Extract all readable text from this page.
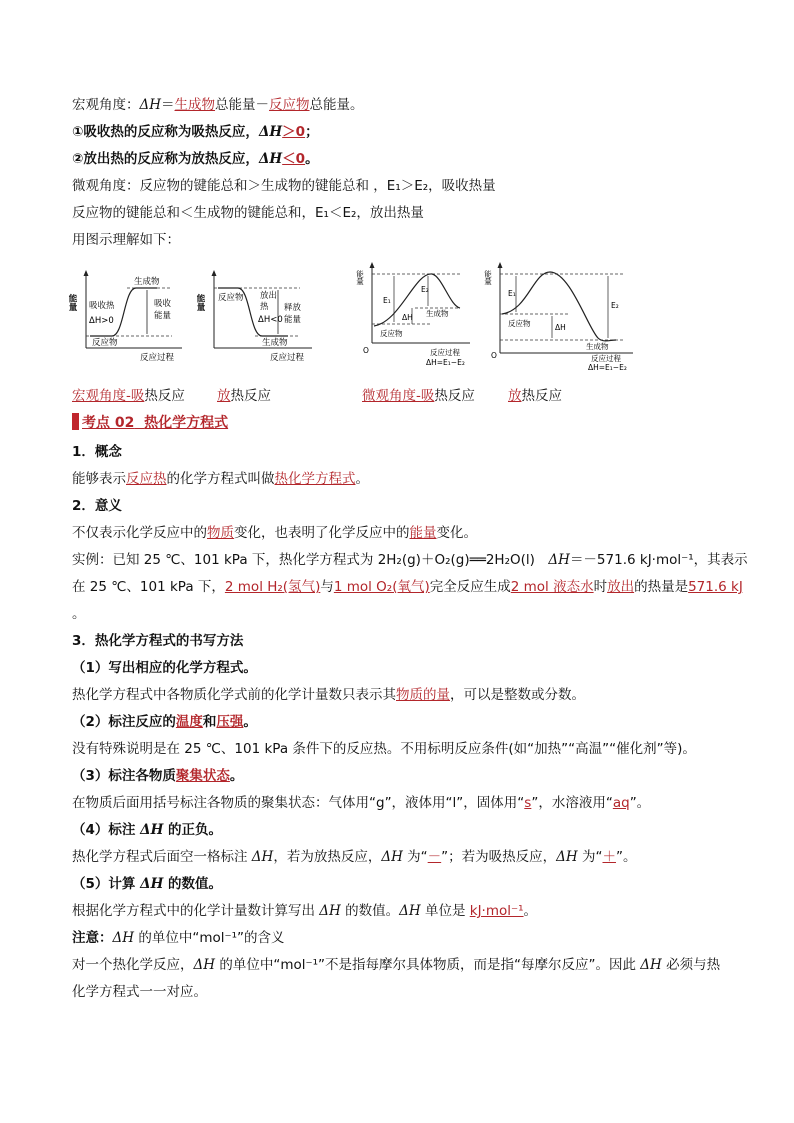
宏观角度：ΔH＝生成物总能量－反应物总能量。
①吸收热的反应称为吸热反应，ΔH＞0；
②放出热的反应称为放热反应，ΔH＜0。
微观角度：反应物的键能总和＞生成物的键能总和 ，E₁＞E₂，吸收热量
反应物的键能总和＜生成物的键能总和，E₁＜E₂，放出热量
用图示理解如下：
能量
生成物
吸收热
ΔH>0
反应物
吸收
能量
反应过程
能量 反应物 放出
热
ΔH<0
释放
能量
生成物
反应过程
能量
E₁
E₂
ΔH 生成物
反应物
O	反应过程
ΔH=E₁−E₂
能量
E₁
E₂
反应物	ΔH
生成物
O	反应过程
ΔH=E₁−E₂
宏观角度-吸热反应 放热反应	微观角度-吸热反应 放热反应
考点 02 热化学方程式
1．概念
能够表示反应热的化学方程式叫做热化学方程式。
2．意义
不仅表示化学反应中的物质变化，也表明了化学反应中的能量变化。
实例：已知 25 ℃、101 kPa 下，热化学方程式为 2H₂(g)＋O₂(g)══2H₂O(l)　ΔH＝－571.6 kJ·mol⁻¹，其表示
在 25 ℃、101 kPa 下，2 mol H₂(氢气)与1 mol O₂(氧气)完全反应生成2 mol 液态水时放出的热量是571.6 kJ
。
3．热化学方程式的书写方法
（1）写出相应的化学方程式。
热化学方程式中各物质化学式前的化学计量数只表示其物质的量，可以是整数或分数。
（2）标注反应的温度和压强。
没有特殊说明是在 25 ℃、101 kPa 条件下的反应热。不用标明反应条件(如“加热”“高温”“催化剂”等)。
（3）标注各物质聚集状态。
在物质后面用括号标注各物质的聚集状态：气体用“g”，液体用“l”，固体用“s”，水溶液用“aq”。
（4）标注 ΔH 的正负。
热化学方程式后面空一格标注 ΔH，若为放热反应，ΔH 为“－”；若为吸热反应，ΔH 为“＋”。
（5）计算 ΔH 的数值。
根据化学方程式中的化学计量数计算写出 ΔH 的数值。ΔH 单位是 kJ·mol⁻¹。
注意：ΔH 的单位中“mol⁻¹”的含义
对一个热化学反应，ΔH 的单位中“mol⁻¹”不是指每摩尔具体物质，而是指“每摩尔反应”。因此 ΔH 必须与热
化学方程式一一对应。
